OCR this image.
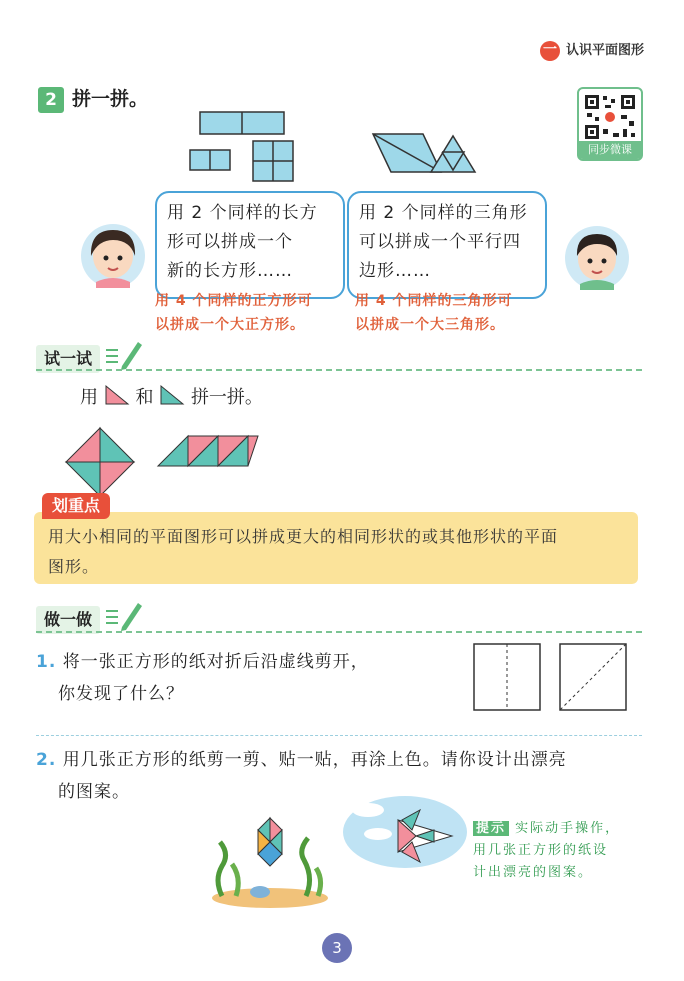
一 认识平面图形
2 拼一拼。
同步微课
用 2 个同样的长方
形可以拼成一个
新的长方形……
用 2 个同样的三角形
可以拼成一个平行四
边形……
用 4 个同样的正方形可
以拼成一个大正方形。
用 4 个同样的三角形可
以拼成一个大三角形。
试一试
用 和 拼一拼。
划重点
用大小相同的平面图形可以拼成更大的相同形状的或其他形状的平面
图形。
做一做
1. 将一张正方形的纸对折后沿虚线剪开，
你发现了什么？
2. 用几张正方形的纸剪一剪、贴一贴，再涂上色。请你设计出漂亮
的图案。
提示 实际动手操作，
用几张正方形的纸设
计出漂亮的图案。
3
